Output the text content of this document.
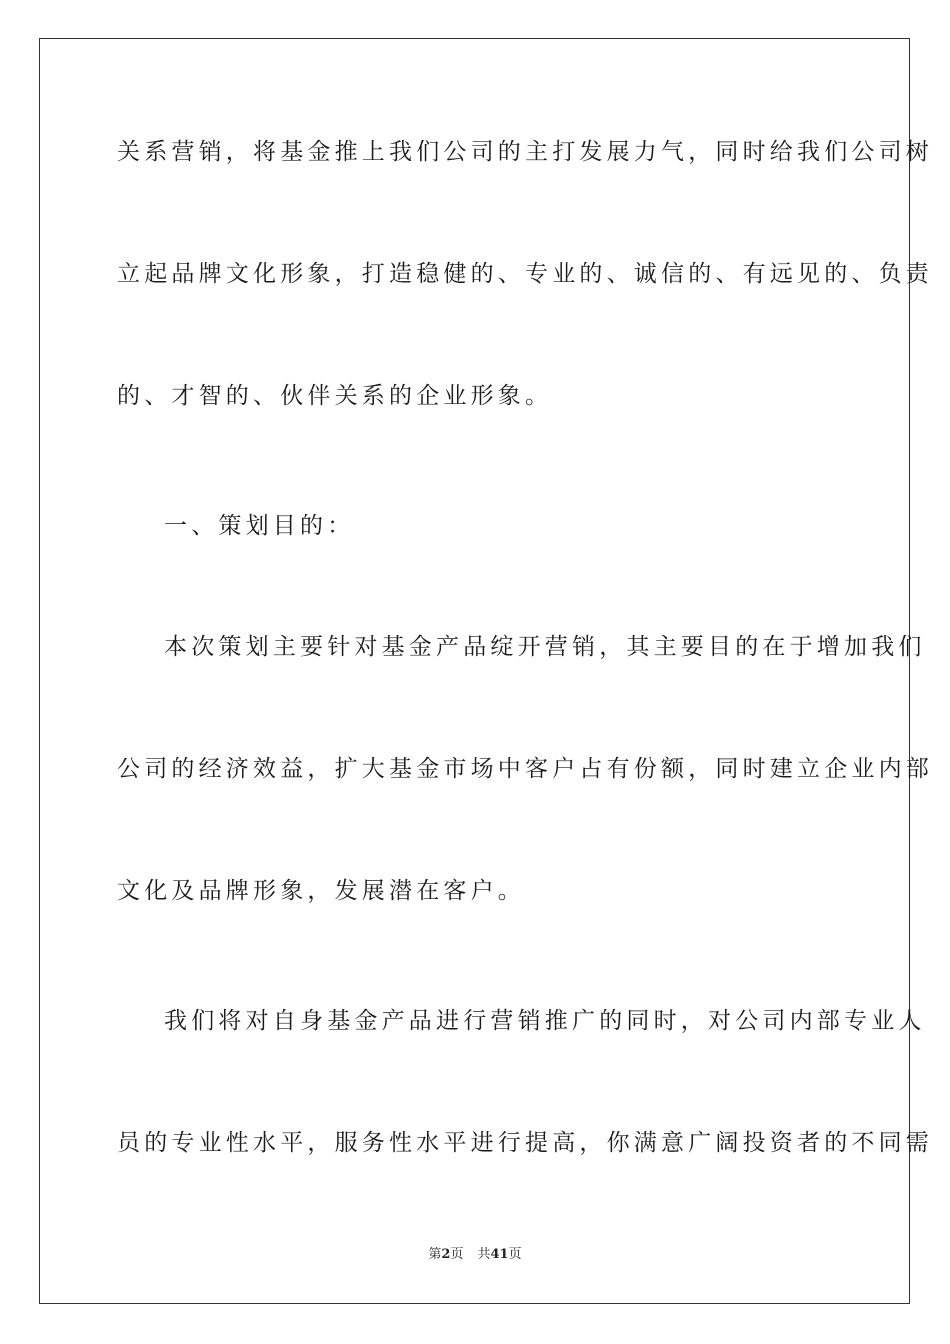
关系营销，将基金推上我们公司的主打发展力气，同时给我们公司树
立起品牌文化形象，打造稳健的、专业的、诚信的、有远见的、负责
的、才智的、伙伴关系的企业形象。
一、策划目的：
本次策划主要针对基金产品绽开营销，其主要目的在于增加我们
公司的经济效益，扩大基金市场中客户占有份额，同时建立企业内部
文化及品牌形象，发展潜在客户。
我们将对自身基金产品进行营销推广的同时，对公司内部专业人
员的专业性水平，服务性水平进行提高，你满意广阔投资者的不同需
第2页 共41页
